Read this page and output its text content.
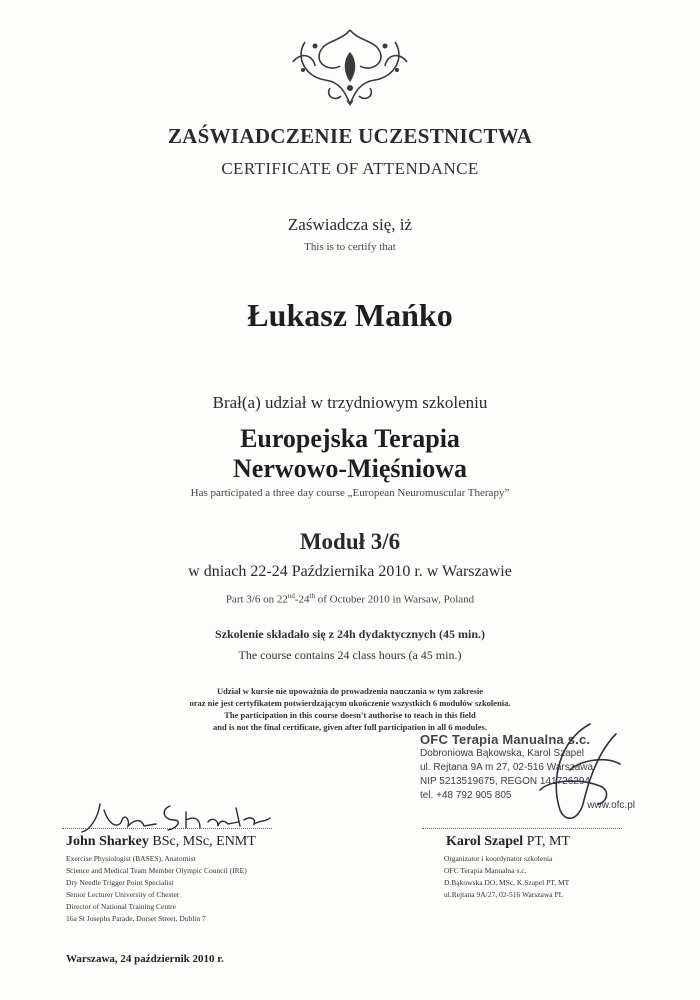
ZAŚWIADCZENIE UCZESTNICTWA
CERTIFICATE OF ATTENDANCE
Zaświadcza się, iż
This is to certify that
Łukasz Mańko
Brał(a) udział w trzydniowym szkoleniu
Europejska Terapia
Nerwowo-Mięśniowa
Has participated a three day course „European Neuromuscular Therapy”
Moduł 3/6
w dniach 22-24 Października 2010 r. w Warszawie
Part 3/6 on 22nd-24th of October 2010 in Warsaw, Poland
Szkolenie składało się z 24h dydaktycznych (45 min.)
The course contains 24 class hours (a 45 min.)
Udział w kursie nie upoważnia do prowadzenia nauczania w tym zakresie
oraz nie jest certyfikatem potwierdzającym ukończenie wszystkich 6 modułów szkolenia.
The participation in this course doesn't authorise to teach in this field
and is not the final certificate, given after full participation in all 6 modules.
John Sharkey BSc, MSc, ENMT
Exercise Physiologist (BASES), Anatomist
Science and Medical Team Member Olympic Council (IRE)
Dry Needle Trigger Point Specialist
Senior Lecturer University of Chester
Director of National Training Centre
16a St Josephs Parade, Dorset Street, Dublin 7
OFC Terapia Manualna s.c.
Dobroniowa Bąkowska, Karol Szapel
ul. Rejtana 9A m 27, 02-516 Warszawa
NIP 5213519675, REGON 141726294
tel. +48 792 905 805
www.ofc.pl
Karol Szapel PT, MT
Organizator i koordynator szkolenia
OFC Terapia Manualna s.c.
D.Bąkowska DO, MSc, K.Szapel PT, MT
ul.Rejtana 9A/27, 02-516 Warszawa PL
Warszawa, 24 październik 2010 r.
